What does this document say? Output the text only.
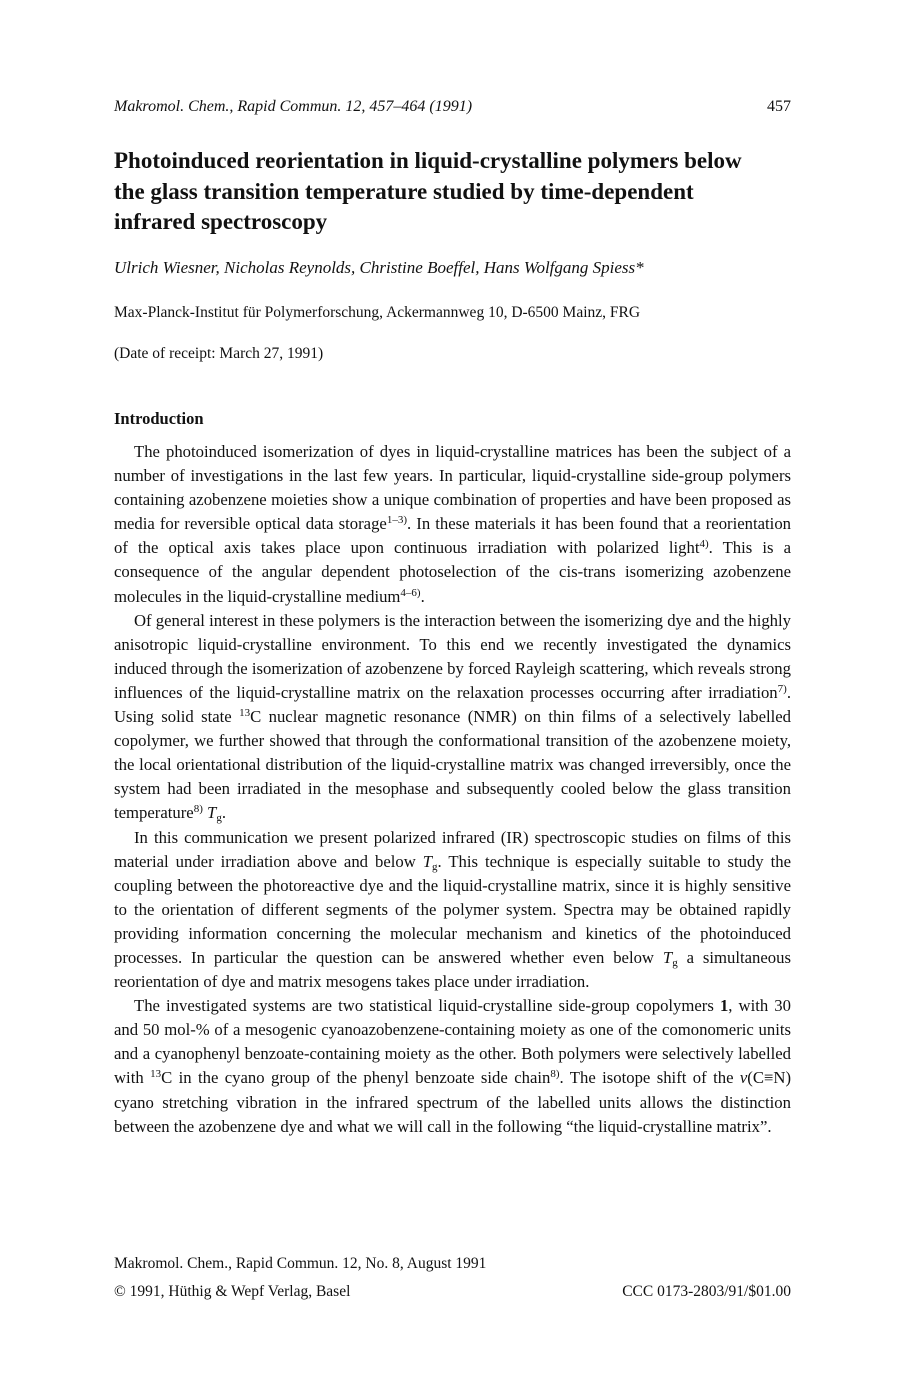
Makromol. Chem., Rapid Commun. 12, 457–464 (1991)	457
Photoinduced reorientation in liquid-crystalline polymers below the glass transition temperature studied by time-dependent infrared spectroscopy
Ulrich Wiesner, Nicholas Reynolds, Christine Boeffel, Hans Wolfgang Spiess*
Max-Planck-Institut für Polymerforschung, Ackermannweg 10, D-6500 Mainz, FRG
(Date of receipt: March 27, 1991)
Introduction

The photoinduced isomerization of dyes in liquid-crystalline matrices has been the subject of a number of investigations in the last few years. In particular, liquid-crystalline side-group polymers containing azobenzene moieties show a unique combination of properties and have been proposed as media for reversible optical data storage$^{1-3)}$. In these materials it has been found that a reorientation of the optical axis takes place upon continuous irradiation with polarized light$^{4)}$. This is a consequence of the angular dependent photoselection of the cis-trans isomerizing azobenzene molecules in the liquid-crystalline medium$^{4-6)}$.

Of general interest in these polymers is the interaction between the isomerizing dye and the highly anisotropic liquid-crystalline environment. To this end we recently investigated the dynamics induced through the isomerization of azobenzene by forced Rayleigh scattering, which reveals strong influences of the liquid-crystalline matrix on the relaxation processes occurring after irradiation$^{7)}$. Using solid state $^{13}$C nuclear magnetic resonance (NMR) on thin films of a selectively labelled copolymer, we further showed that through the conformational transition of the azobenzene moiety, the local orientational distribution of the liquid-crystalline matrix was changed irreversibly, once the system had been irradiated in the mesophase and subsequently cooled below the glass transition temperature$^{8)}$ $T_g$.

In this communication we present polarized infrared (IR) spectroscopic studies on films of this material under irradiation above and below $T_g$. This technique is especially suitable to study the coupling between the photoreactive dye and the liquid-crystalline matrix, since it is highly sensitive to the orientation of different segments of the polymer system. Spectra may be obtained rapidly providing information concerning the molecular mechanism and kinetics of the photoinduced processes. In particular the question can be answered whether even below $T_g$ a simultaneous reorientation of dye and matrix mesogens takes place under irradiation.

The investigated systems are two statistical liquid-crystalline side-group copolymers 1, with 30 and 50 mol-% of a mesogenic cyanoazobenzene-containing moiety as one of the comonomeric units and a cyanophenyl benzoate-containing moiety as the other. Both polymers were selectively labelled with $^{13}$C in the cyano group of the phenyl benzoate side chain$^{8)}$. The isotope shift of the ν(C≡N) cyano stretching vibration in the infrared spectrum of the labelled units allows the distinction between the azobenzene dye and what we will call in the following “the liquid-crystalline matrix”.

Makromol. Chem., Rapid Commun. 12, No. 8, August 1991
© 1991, Hüthig & Wepf Verlag, Basel	CCC 0173-2803/91/$01.00
